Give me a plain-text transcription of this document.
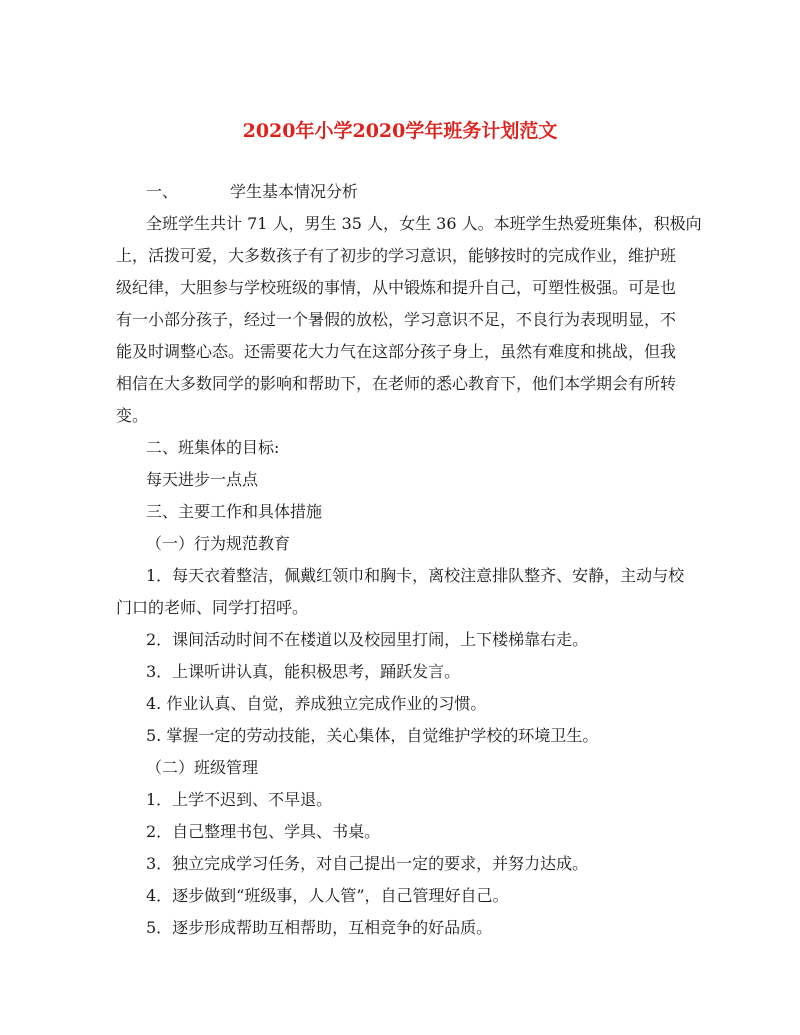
2020年小学2020学年班务计划范文
一、	学生基本情况分析
全班学生共计 71 人，男生 35 人，女生 36 人。本班学生热爱班集体，积极向
上，活拨可爱，大多数孩子有了初步的学习意识，能够按时的完成作业，维护班
级纪律，大胆参与学校班级的事情，从中锻炼和提升自己，可塑性极强。可是也
有一小部分孩子，经过一个暑假的放松，学习意识不足，不良行为表现明显，不
能及时调整心态。还需要花大力气在这部分孩子身上，虽然有难度和挑战，但我
相信在大多数同学的影响和帮助下，在老师的悉心教育下，他们本学期会有所转
变。
二、班集体的目标:
每天进步一点点
三、主要工作和具体措施
（一）行为规范教育
1．每天衣着整洁，佩戴红领巾和胸卡，离校注意排队整齐、安静，主动与校
门口的老师、同学打招呼。
2．课间活动时间不在楼道以及校园里打闹，上下楼梯靠右走。
3．上课听讲认真，能积极思考，踊跃发言。
4. 作业认真、自觉，养成独立完成作业的习惯。
5. 掌握一定的劳动技能，关心集体，自觉维护学校的环境卫生。
（二）班级管理
1．上学不迟到、不早退。
2．自己整理书包、学具、书桌。
3．独立完成学习任务，对自己提出一定的要求，并努力达成。
4．逐步做到“班级事，人人管”，自己管理好自己。
5．逐步形成帮助互相帮助，互相竞争的好品质。
